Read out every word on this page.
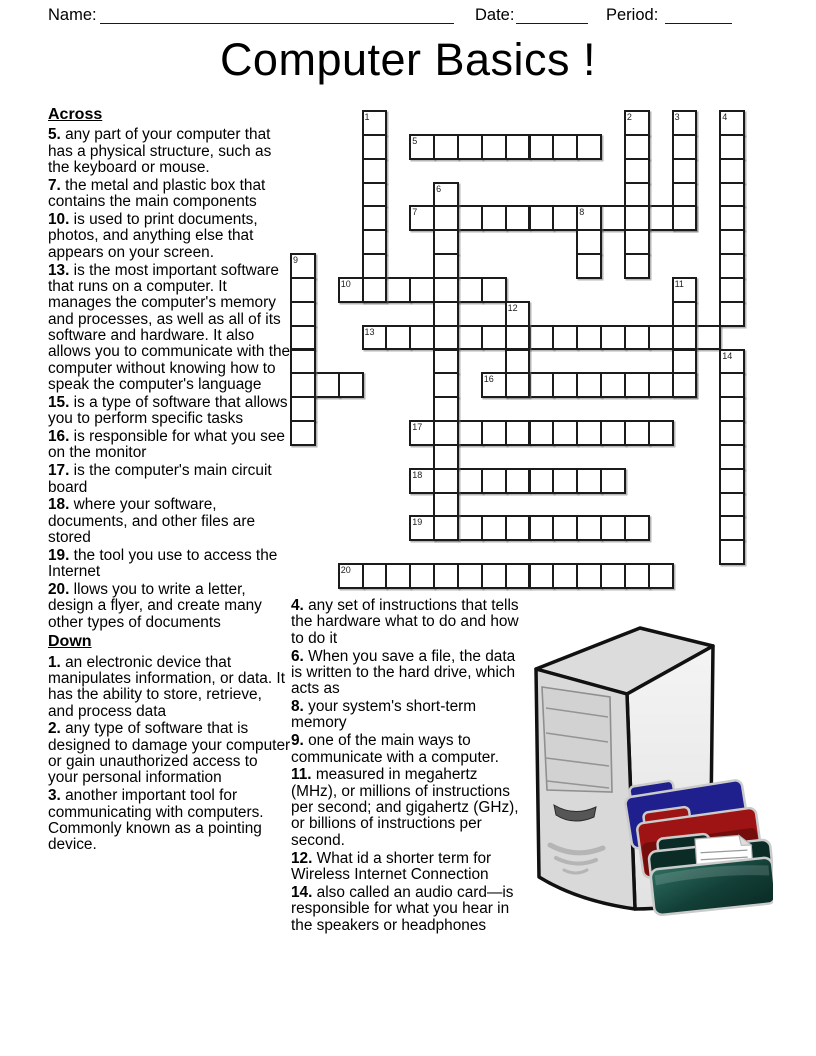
Name:	Date:	Period:
Computer Basics !
5
7
10
13
16
17
18
19
20
1	2	3	4
6
8
9
11
12
14

Across

5. any part of your computer that has a physical structure, such as the keyboard or mouse.

7. the metal and plastic box that contains the main components

10. is used to print documents, photos, and anything else that appears on your screen.

13. is the most important software that runs on a computer. It manages the computer's memory and processes, as well as all of its software and hardware. It also allows you to communicate with the computer without knowing how to speak the computer's language

15. is a type of software that allows you to perform specific tasks

16. is responsible for what you see on the monitor

17. is the computer's main circuit board

18. where your software, documents, and other files are stored

19. the tool you use to access the Internet

20. llows you to write a letter, design a flyer, and create many other types of documents

Down

1. an electronic device that manipulates information, or data. It has the ability to store, retrieve, and process data

2. any type of software that is designed to damage your computer or gain unauthorized access to your personal information

3. another important tool for communicating with computers. Commonly known as a pointing device.

4. any set of instructions that tells the hardware what to do and how to do it

6. When you save a file, the data is written to the hard drive, which acts as

8. your system's short-term memory

9. one of the main ways to communicate with a computer.

11. measured in megahertz (MHz), or millions of instructions per second; and gigahertz (GHz), or billions of instructions per second.

12. What id a shorter term for Wireless Internet Connection

14. also called an audio card—is responsible for what you hear in the speakers or headphones
